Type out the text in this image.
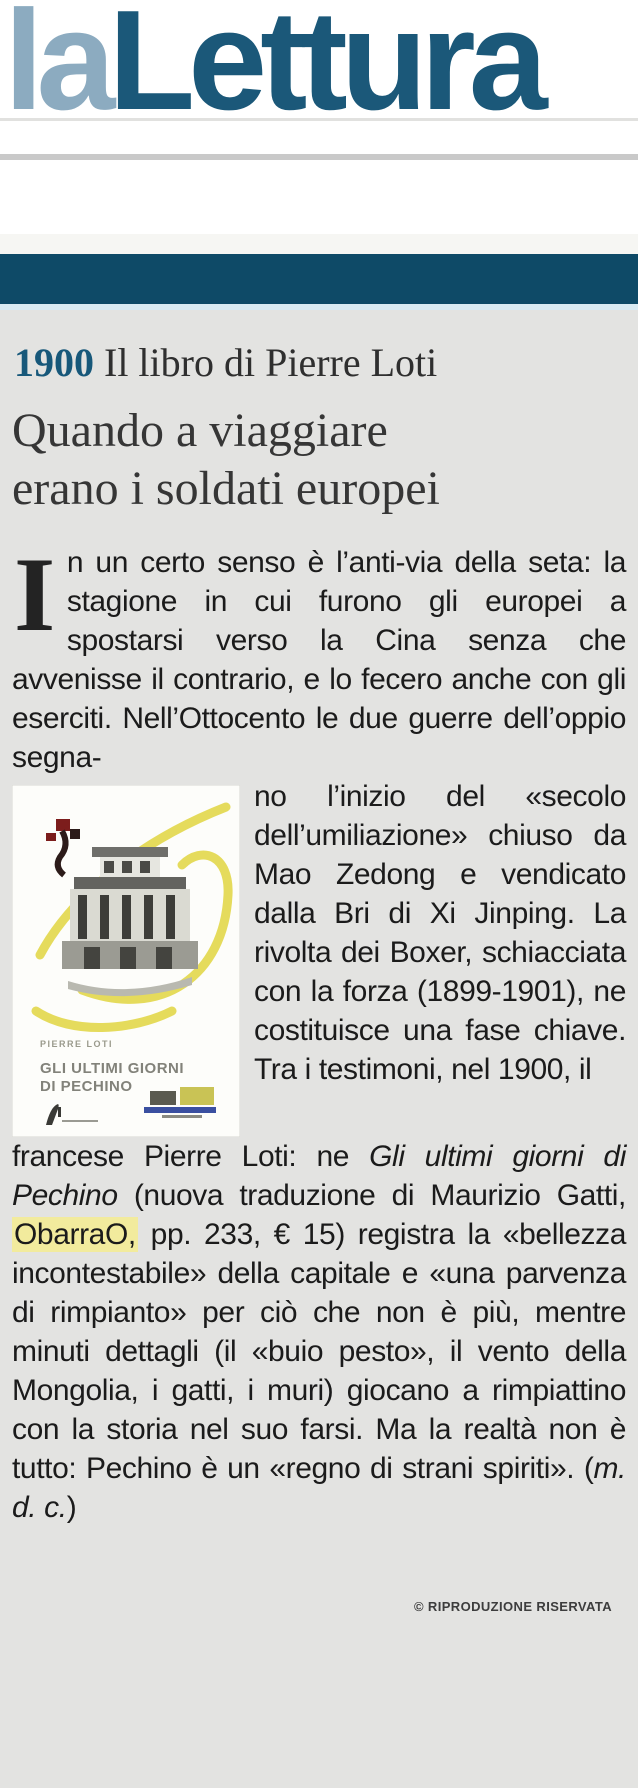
laLettura
1900 Il libro di Pierre Loti
Quando a viaggiare
erano i soldati europei
In un certo senso è l’anti-via della seta: la stagione in cui furono gli europei a spostarsi verso la Cina senza che avvenisse il contrario, e lo fecero anche con gli eserciti. Nell’Ottocento le due guerre dell’oppio segna-
PIERRE LOTI
GLI ULTIMI GIORNI
DI PECHINO
no l’inizio del «secolo dell’umiliazione» chiuso da Mao Zedong e vendicato dalla Bri di Xi Jinping. La rivolta dei Boxer, schiacciata con la forza (1899-1901), ne costituisce una fase chiave. Tra i testimoni, nel 1900, il
francese Pierre Loti: ne Gli ultimi giorni di Pechino (nuova traduzione di Maurizio Gatti, ObarraO, pp. 233, € 15) registra la «bellezza incontestabile» della capitale e «una parvenza di rimpianto» per ciò che non è più, mentre minuti dettagli (il «buio pesto», il vento della Mongolia, i gatti, i muri) giocano a rimpiattino con la storia nel suo farsi. Ma la realtà non è tutto: Pechino è un «regno di strani spiriti». (m. d. c.)
© RIPRODUZIONE RISERVATA
